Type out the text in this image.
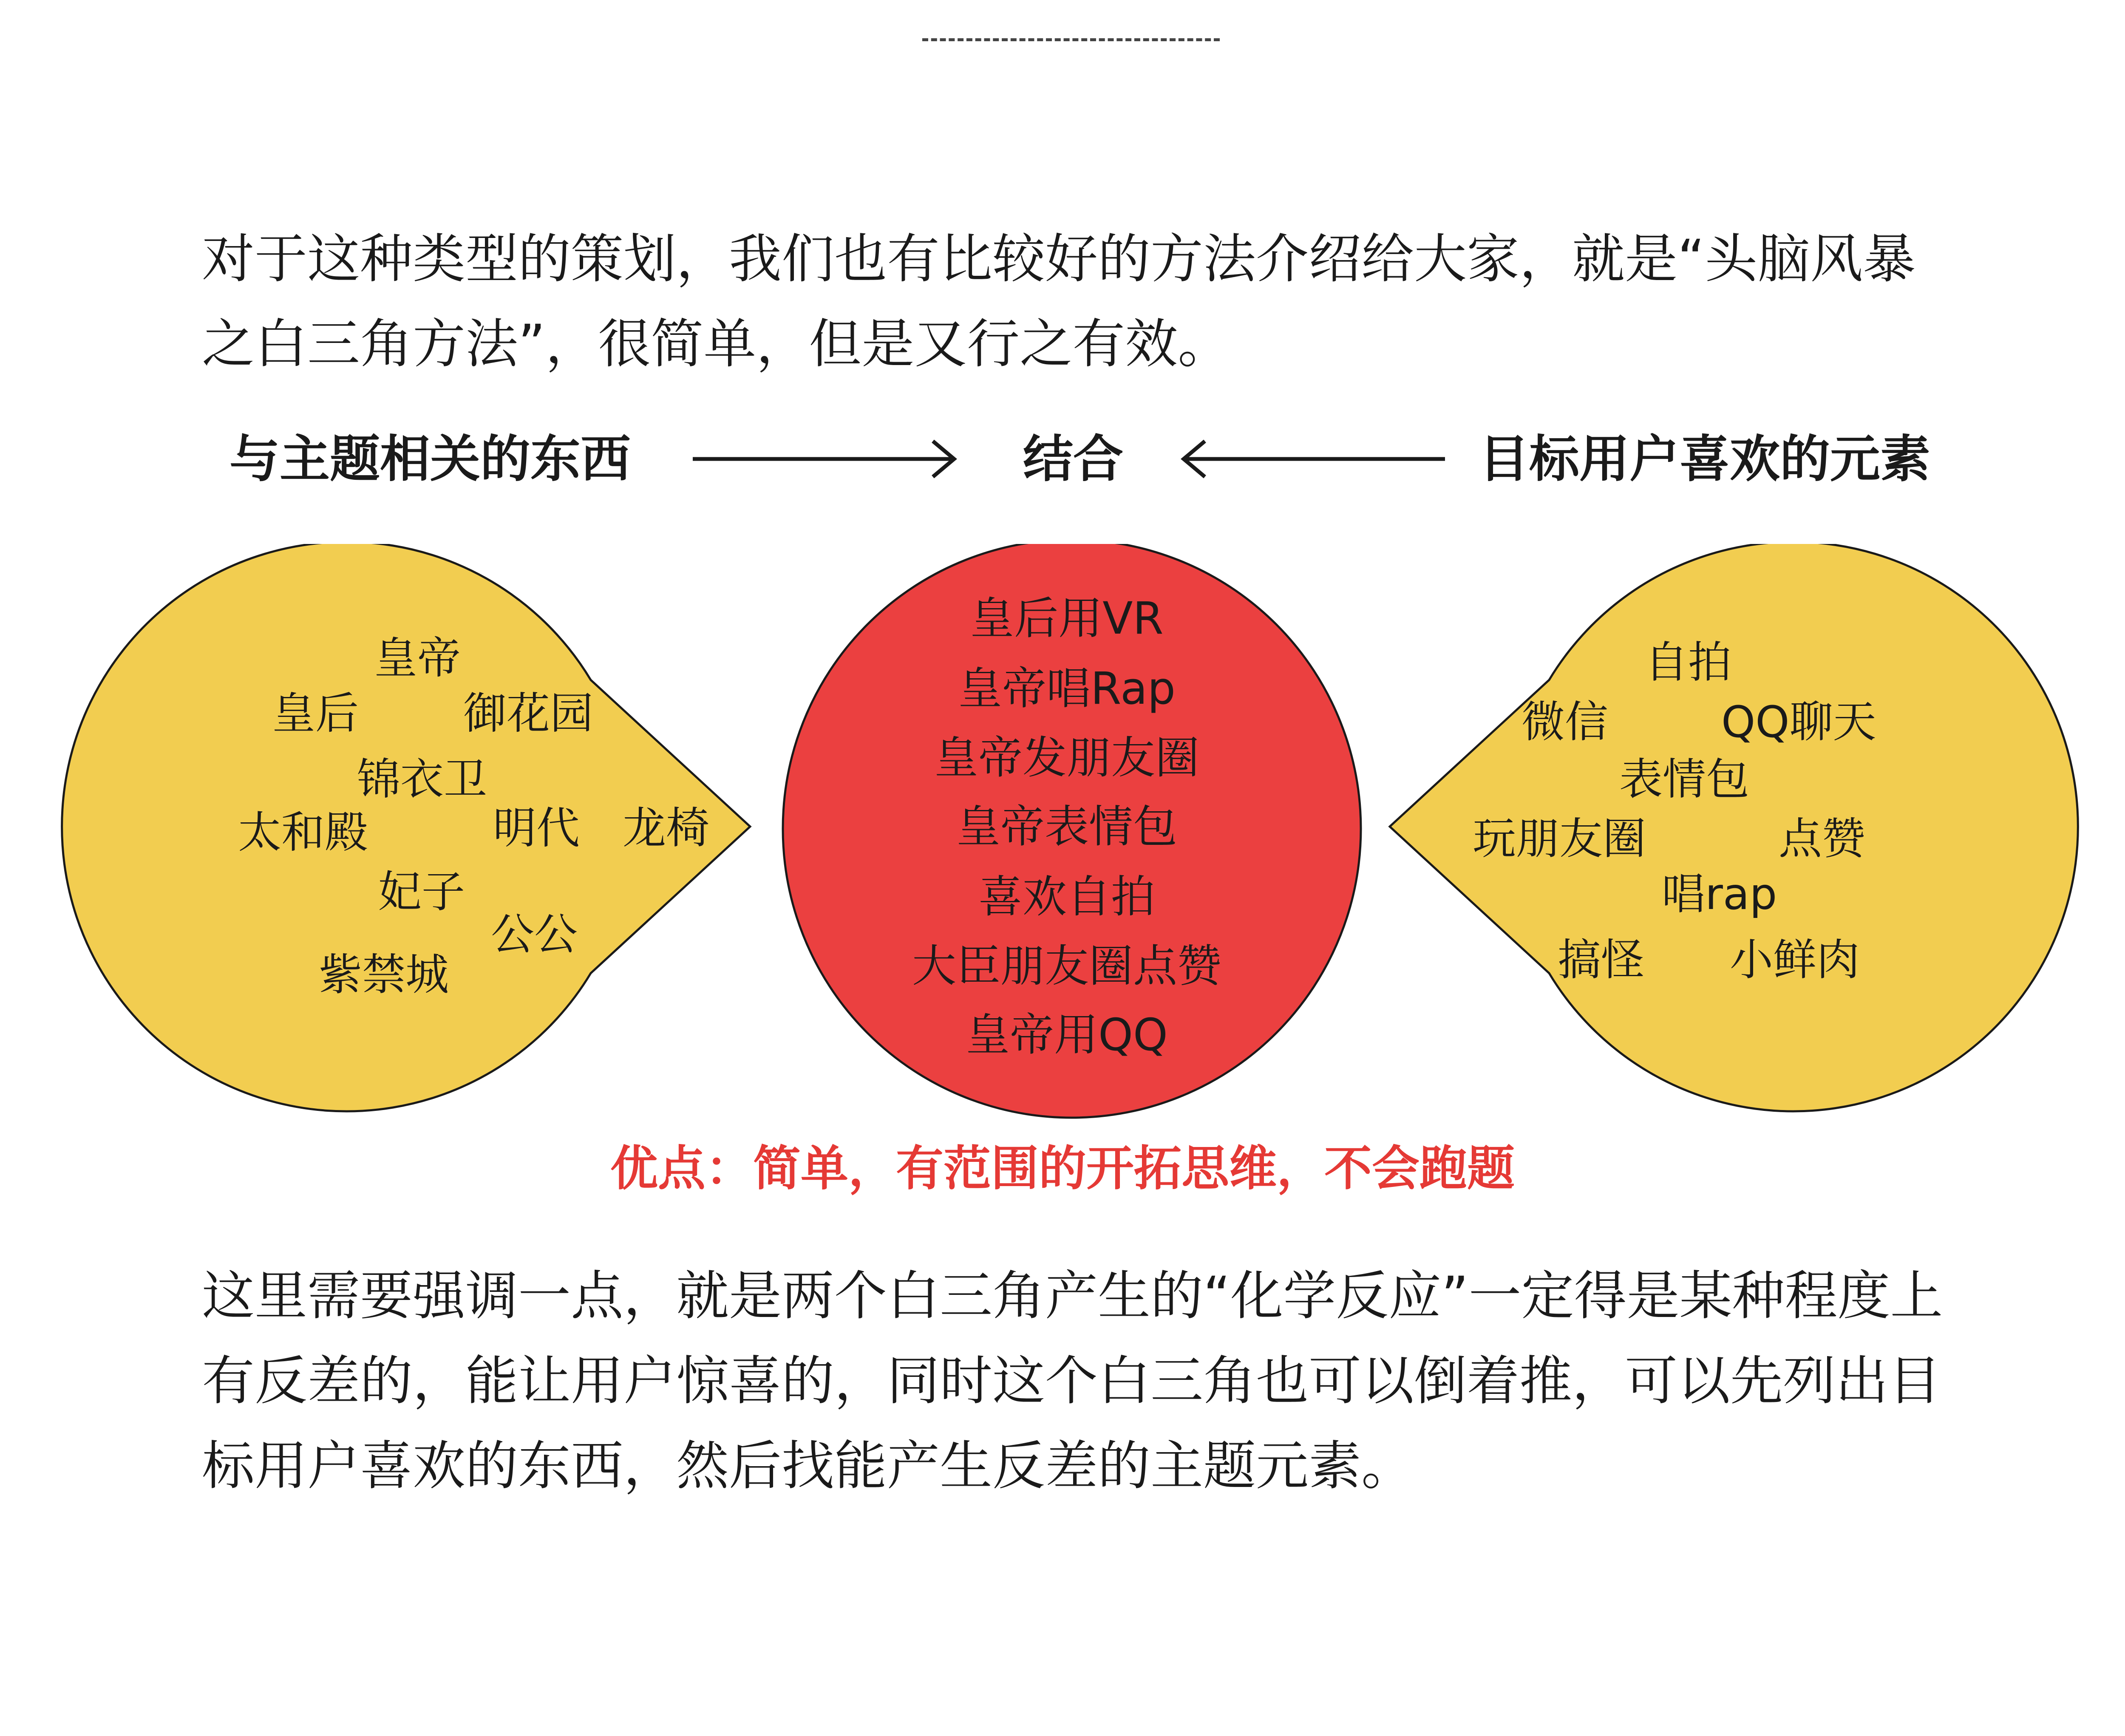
对于这种类型的策划，我们也有比较好的方法介绍给大家，就是“头脑风暴之白三角方法”，很简单，但是又行之有效。

与主题相关的东西	结合	目标用户喜欢的元素
皇帝
皇后 御花园
锦衣卫
太和殿	明代 龙椅
妃子
公公
紫禁城
皇后用VR
皇帝唱Rap
皇帝发朋友圈
皇帝表情包
喜欢自拍
大臣朋友圈点赞
皇帝用QQ
自拍
微信	QQ聊天
表情包
玩朋友圈	点赞
唱rap
搞怪 小鲜肉
优点：简单，有范围的开拓思维，不会跑题

这里需要强调一点，就是两个白三角产生的“化学反应”一定得是某种程度上有反差的，能让用户惊喜的，同时这个白三角也可以倒着推，可以先列出目标用户喜欢的东西，然后找能产生反差的主题元素。
